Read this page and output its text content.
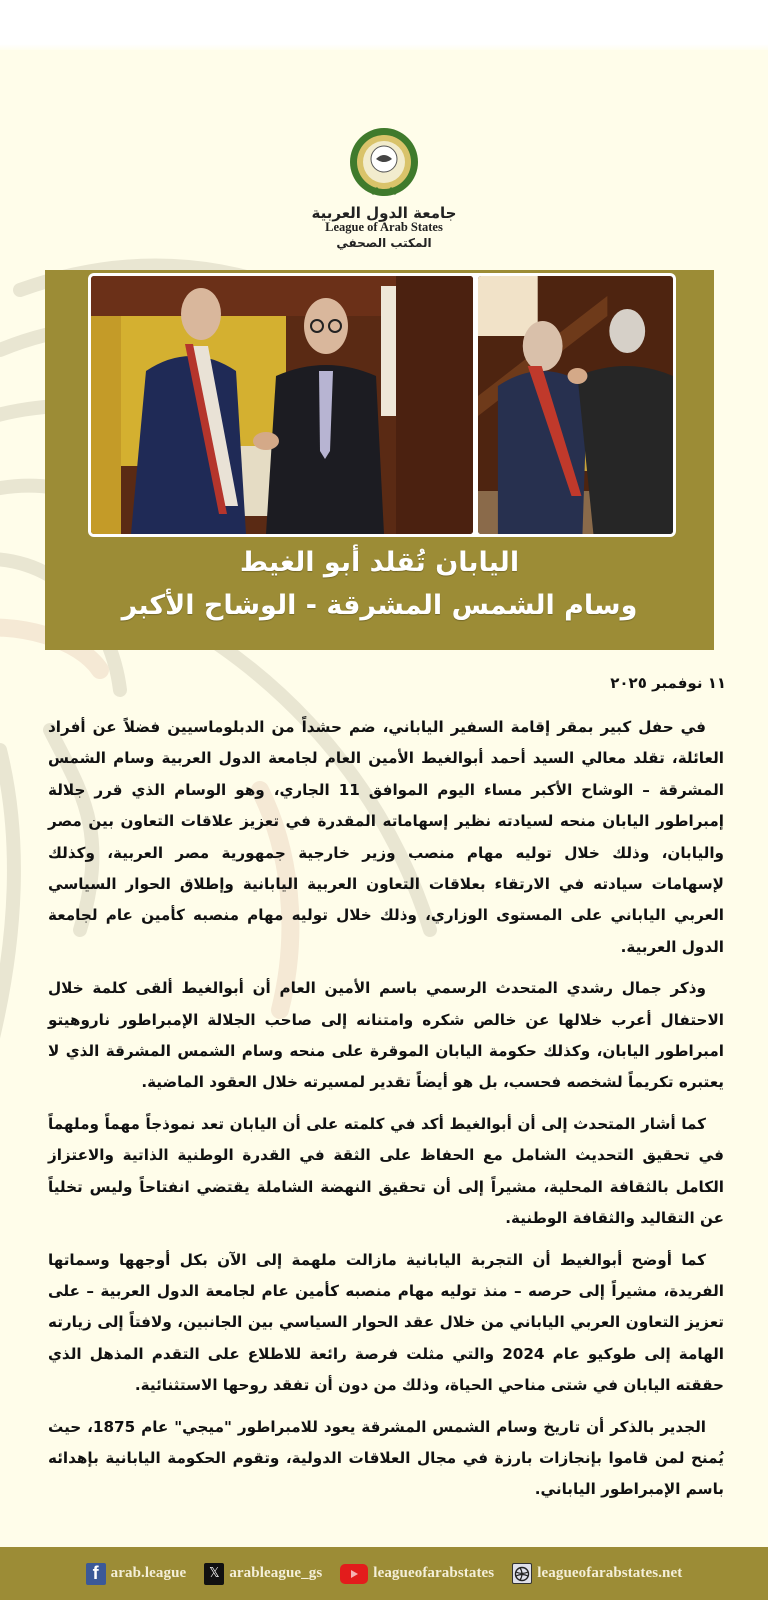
جامعة الدول العربية
League of Arab States
المكتب الصحفي
اليابان تُقلد أبو الغيط
وسام الشمس المشرقة - الوشاح الأكبر
١١ نوفمبر ٢٠٢٥

في حفل كبير بمقر إقامة السفير الياباني، ضم حشداً من الدبلوماسيين فضلاً عن أفراد العائلة، تقلد معالي السيد أحمد أبوالغيط الأمين العام لجامعة الدول العربية وسام الشمس المشرقة – الوشاح الأكبر مساء اليوم الموافق 11 الجاري، وهو الوسام الذي قرر جلالة إمبراطور اليابان منحه لسيادته نظير إسهاماته المقدرة في تعزيز علاقات التعاون بين مصر واليابان، وذلك خلال توليه مهام منصب وزير خارجية جمهورية مصر العربية، وكذلك لإسهامات سيادته في الارتقاء بعلاقات التعاون العربية اليابانية وإطلاق الحوار السياسي العربي الياباني على المستوى الوزاري، وذلك خلال توليه مهام منصبه كأمين عام لجامعة الدول العربية.

وذكر جمال رشدي المتحدث الرسمي باسم الأمين العام أن أبوالغيط ألقى كلمة خلال الاحتفال أعرب خلالها عن خالص شكره وامتنانه إلى صاحب الجلالة الإمبراطور ناروهيتو امبراطور اليابان، وكذلك حكومة اليابان الموقرة على منحه وسام الشمس المشرقة الذي لا يعتبره تكريماً لشخصه فحسب، بل هو أيضاً تقدير لمسيرته خلال العقود الماضية.

كما أشار المتحدث إلى أن أبوالغيط أكد في كلمته على أن اليابان تعد نموذجاً مهماً وملهماً في تحقيق التحديث الشامل مع الحفاظ على الثقة في القدرة الوطنية الذاتية والاعتزاز الكامل بالثقافة المحلية، مشيراً إلى أن تحقيق النهضة الشاملة يقتضي انفتاحاً وليس تخلياً عن التقاليد والثقافة الوطنية.

كما أوضح أبوالغيط أن التجربة اليابانية مازالت ملهمة إلى الآن بكل أوجهها وسماتها الفريدة، مشيراً إلى حرصه – منذ توليه مهام منصبه كأمين عام لجامعة الدول العربية – على تعزيز التعاون العربي الياباني من خلال عقد الحوار السياسي بين الجانبين، ولافتاً إلى زيارته الهامة إلى طوكيو عام 2024 والتي مثلت فرصة رائعة للاطلاع على التقدم المذهل الذي حققته اليابان في شتى مناحي الحياة، وذلك من دون أن تفقد روحها الاستثنائية.

الجدير بالذكر أن تاريخ وسام الشمس المشرقة يعود للامبراطور "ميجي" عام 1875، حيث يُمنح لمن قاموا بإنجازات بارزة في مجال العلاقات الدولية، وتقوم الحكومة اليابانية بإهدائه باسم الإمبراطور الياباني.

f arab.league	𝕏 arableague_gs	leagueofarabstates	leagueofarabstates.net
